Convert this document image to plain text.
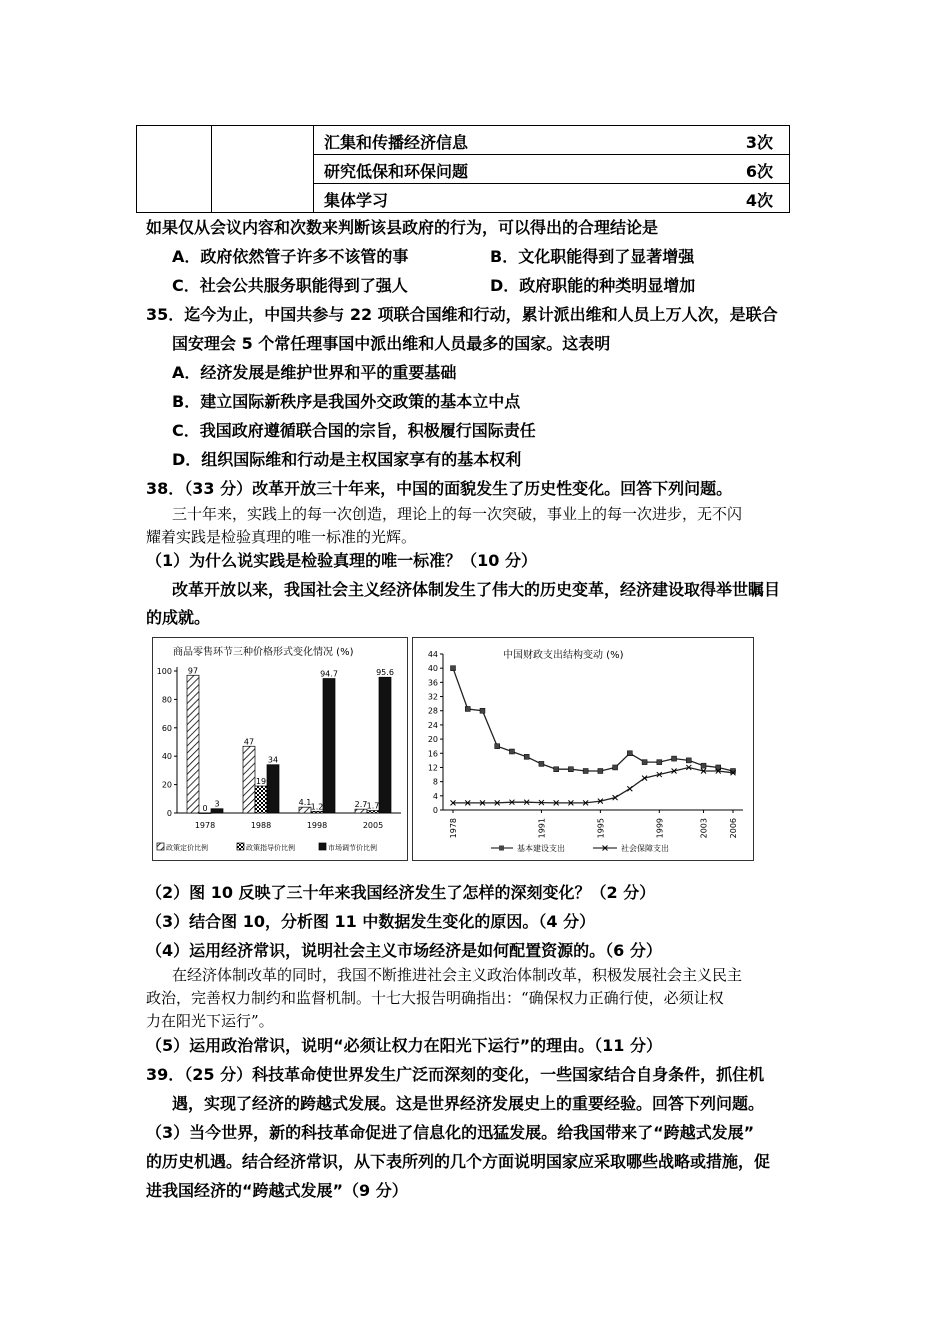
汇集和传播经济信息	3次

研究低保和环保问题	6次

集体学习	4次
如果仅从会议内容和次数来判断该县政府的行为，可以得出的合理结论是
A．政府依然管子许多不该管的事	B．文化职能得到了显著增强
C．社会公共服务职能得到了强人	D．政府职能的种类明显增加
35．迄今为止，中国共参与 22 项联合国维和行动，累计派出维和人员上万人次，是联合
国安理会 5 个常任理事国中派出维和人员最多的国家。这表明
A．经济发展是维护世界和平的重要基础
B．建立国际新秩序是我国外交政策的基本立中点
C．我国政府遵循联合国的宗旨，积极履行国际责任
D．组织国际维和行动是主权国家享有的基本权利
38．（33 分）改革开放三十年来，中国的面貌发生了历史性变化。回答下列问题。
三十年来，实践上的每一次创造，理论上的每一次突破，事业上的每一次进步，无不闪
耀着实践是检验真理的唯一标准的光辉。
（1）为什么说实践是检验真理的唯一标准？（10 分）
改革开放以来，我国社会主义经济体制发生了伟大的历史变革，经济建设取得举世瞩目
的成就。
商品零售环节三种价格形式变化情况 (%)
0
20
40
60
80
100
1978	1988	1998	2005
97
0 3
47
19
34
4.1 1.2
94.7
2.7 1.7
95.6
政策定价比例	政策指导价比例	市场调节价比例
中国财政支出结构变动 (%)
0
4
8
12
16
20
24
28
32
36
40
44
1978	1991	1995	1999	2003	2006
基本建设支出	社会保障支出
（2）图 10 反映了三十年来我国经济发生了怎样的深刻变化？（2 分）
（3）结合图 10，分析图 11 中数据发生变化的原因。（4 分）
（4）运用经济常识，说明社会主义市场经济是如何配置资源的。（6 分）
在经济体制改革的同时，我国不断推进社会主义政治体制改革，积极发展社会主义民主
政治，完善权力制约和监督机制。十七大报告明确指出：“确保权力正确行使，必须让权
力在阳光下运行”。
（5）运用政治常识，说明“必须让权力在阳光下运行”的理由。（11 分）
39．（25 分）科技革命使世界发生广泛而深刻的变化，一些国家结合自身条件，抓住机
遇，实现了经济的跨越式发展。这是世界经济发展史上的重要经验。回答下列问题。
（3）当今世界，新的科技革命促进了信息化的迅猛发展。给我国带来了“跨越式发展”
的历史机遇。结合经济常识，从下表所列的几个方面说明国家应采取哪些战略或措施，促
进我国经济的“跨越式发展”（9 分）
